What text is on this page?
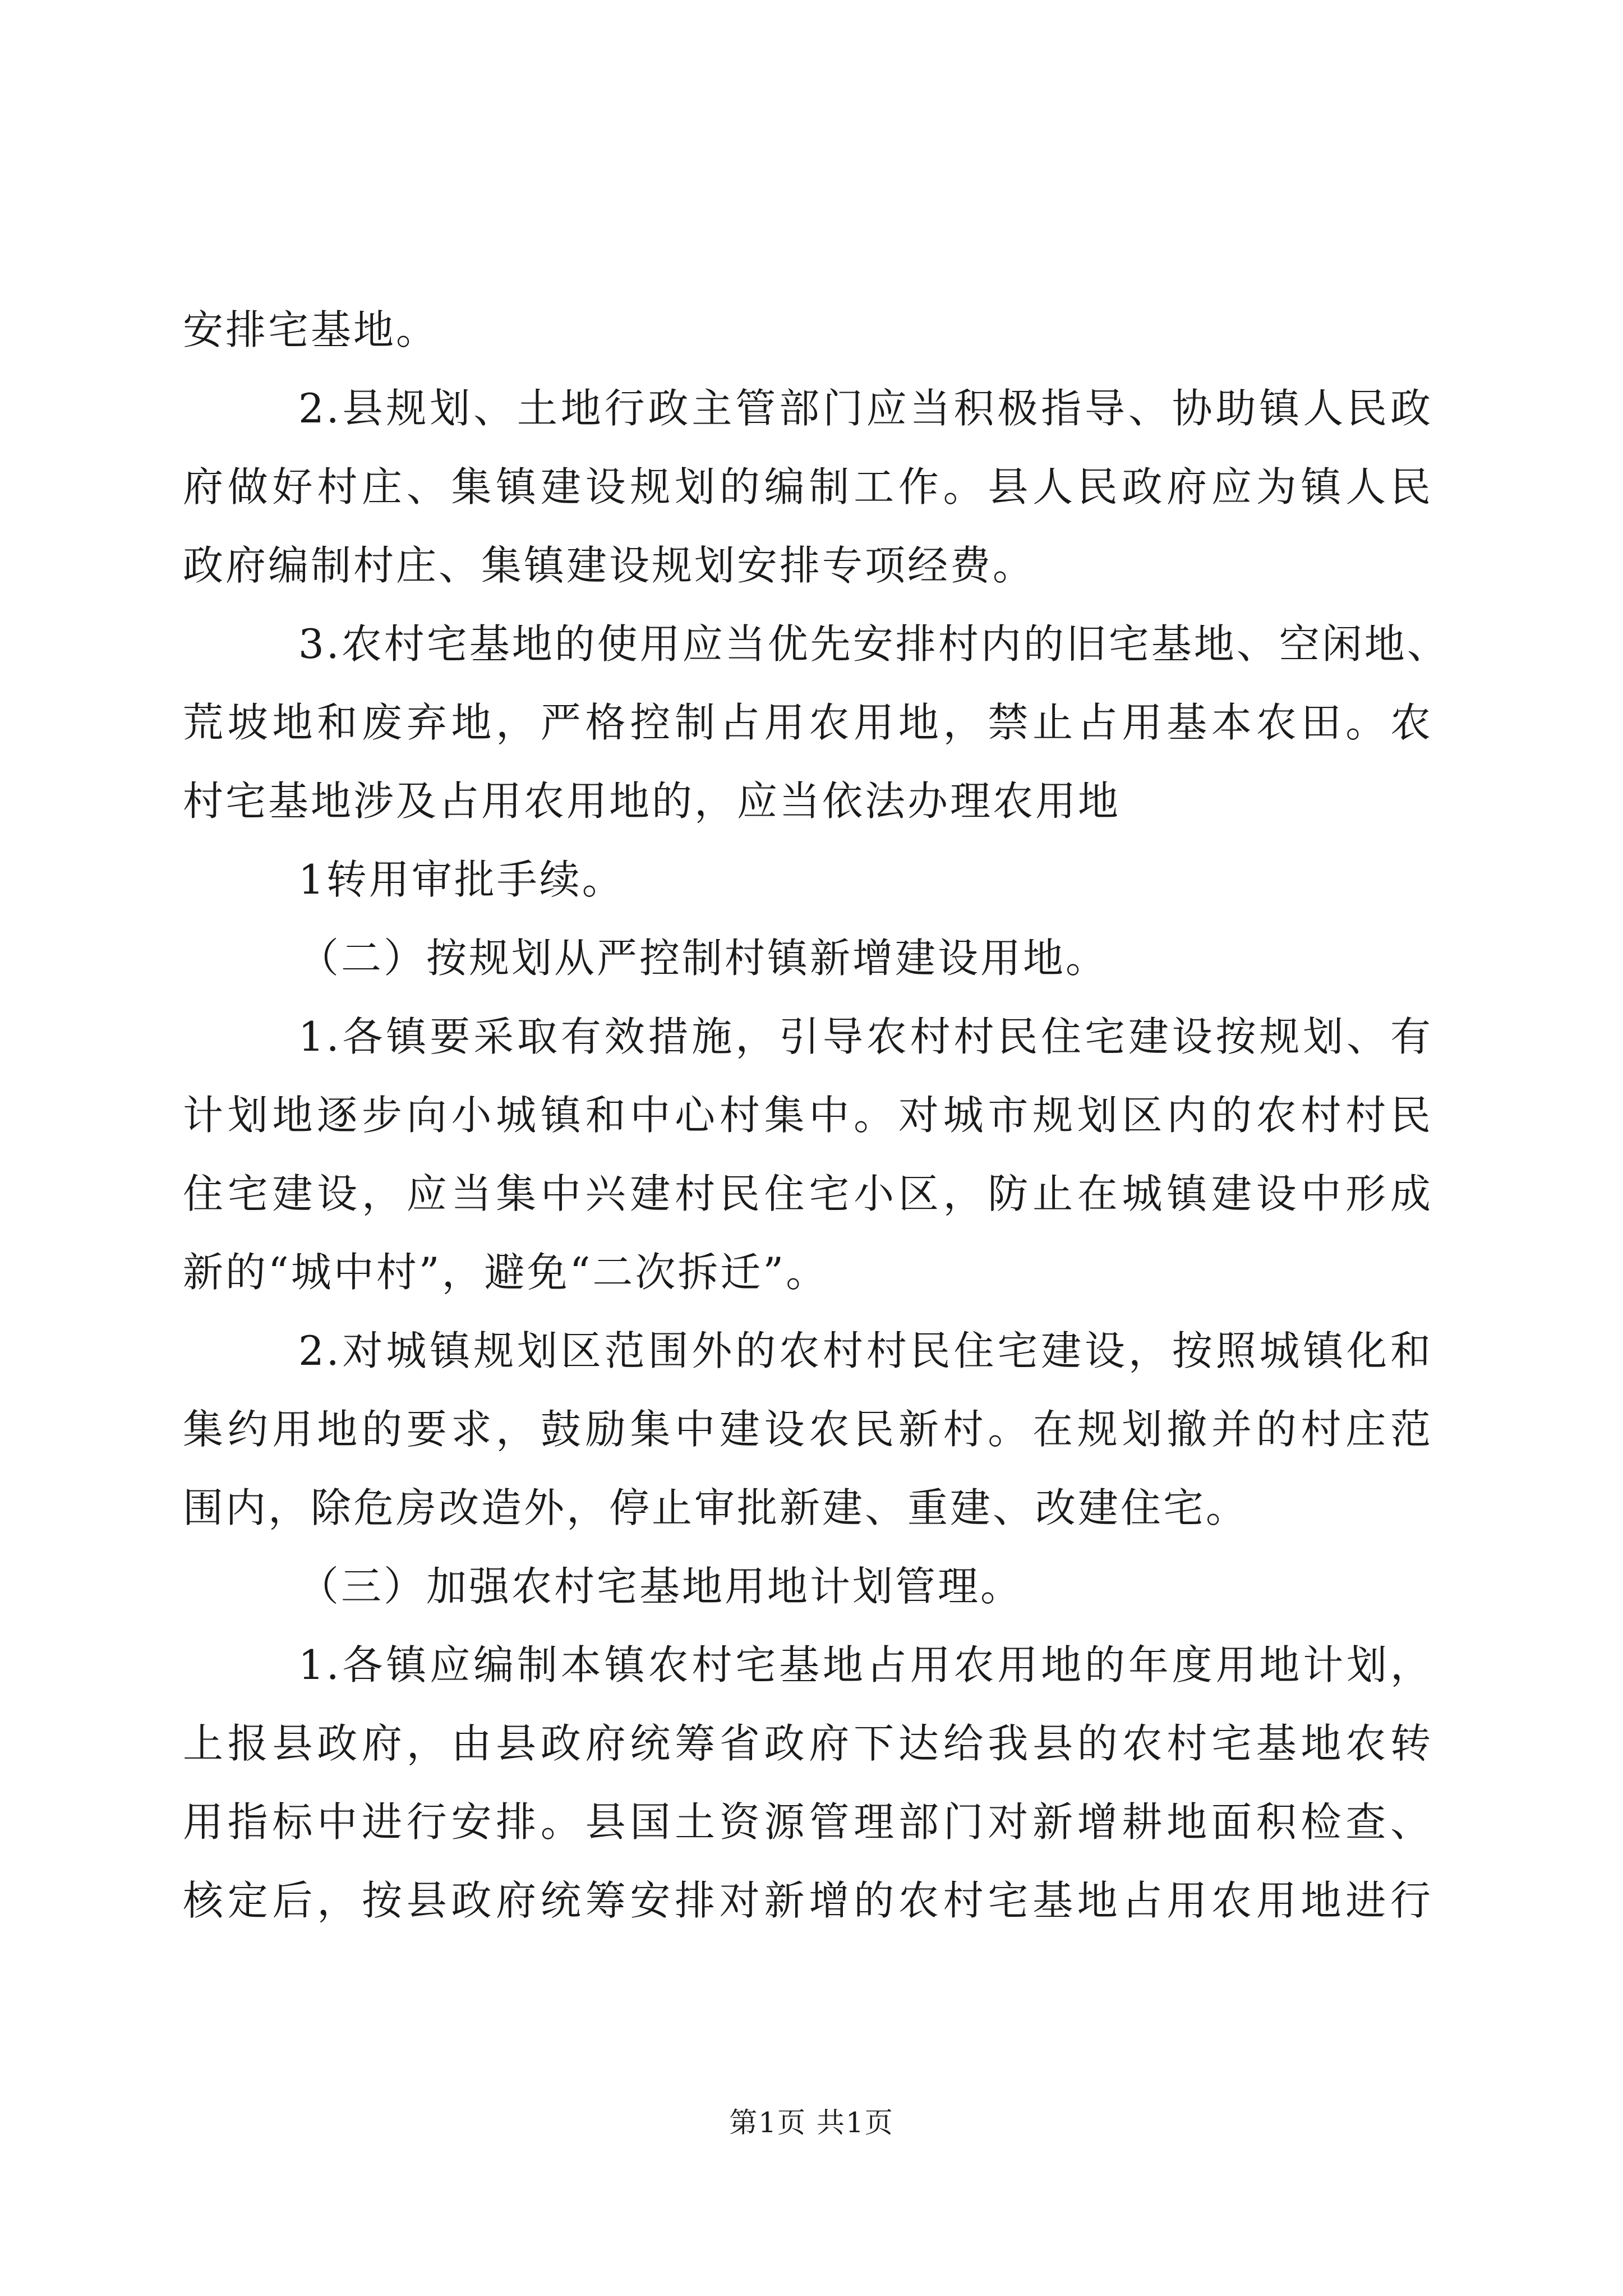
安排宅基地。
2.县规划、土地行政主管部门应当积极指导、协助镇人民政
府做好村庄、集镇建设规划的编制工作。县人民政府应为镇人民
政府编制村庄、集镇建设规划安排专项经费。
3.农村宅基地的使用应当优先安排村内的旧宅基地、空闲地、
荒坡地和废弃地，严格控制占用农用地，禁止占用基本农田。农
村宅基地涉及占用农用地的，应当依法办理农用地
1转用审批手续。
（二）按规划从严控制村镇新增建设用地。
1.各镇要采取有效措施，引导农村村民住宅建设按规划、有
计划地逐步向小城镇和中心村集中。对城市规划区内的农村村民
住宅建设，应当集中兴建村民住宅小区，防止在城镇建设中形成
新的“城中村”，避免“二次拆迁”。
2.对城镇规划区范围外的农村村民住宅建设，按照城镇化和
集约用地的要求，鼓励集中建设农民新村。在规划撤并的村庄范
围内，除危房改造外，停止审批新建、重建、改建住宅。
（三）加强农村宅基地用地计划管理。
1.各镇应编制本镇农村宅基地占用农用地的年度用地计划，
上报县政府，由县政府统筹省政府下达给我县的农村宅基地农转
用指标中进行安排。县国土资源管理部门对新增耕地面积检查、
核定后，按县政府统筹安排对新增的农村宅基地占用农用地进行
第1页 共1页
